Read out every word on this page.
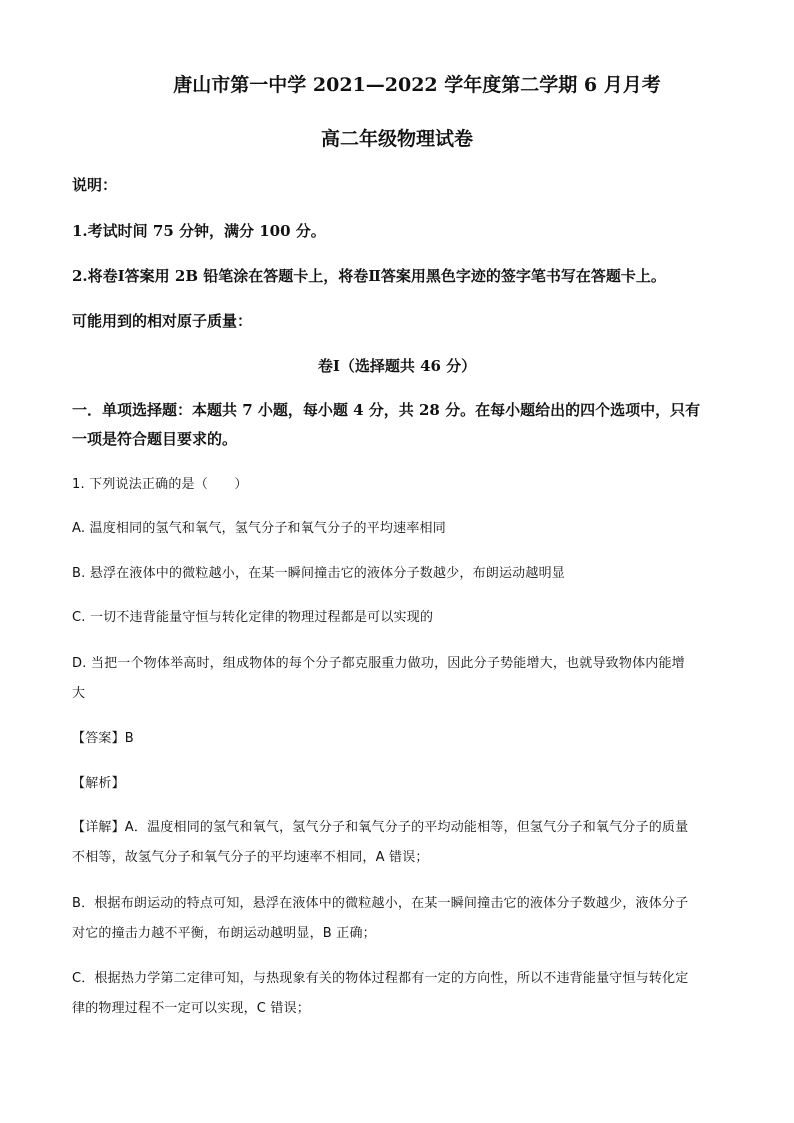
唐山市第一中学 2021—2022 学年度第二学期 6 月月考
高二年级物理试卷
说明：
1.考试时间 75 分钟，满分 100 分。
2.将卷Ⅰ答案用 2B 铅笔涂在答题卡上，将卷Ⅱ答案用黑色字迹的签字笔书写在答题卡上。
可能用到的相对原子质量：
卷Ⅰ（选择题共 46 分）
一．单项选择题：本题共 7 小题，每小题 4 分，共 28 分。在每小题给出的四个选项中，只有
一项是符合题目要求的。
1. 下列说法正确的是（　　）
A. 温度相同的氢气和氧气，氢气分子和氧气分子的平均速率相同
B. 悬浮在液体中的微粒越小，在某一瞬间撞击它的液体分子数越少，布朗运动越明显
C. 一切不违背能量守恒与转化定律的物理过程都是可以实现的
D. 当把一个物体举高时，组成物体的每个分子都克服重力做功，因此分子势能增大，也就导致物体内能增
大
【答案】B
【解析】
【详解】A．温度相同的氢气和氧气，氢气分子和氧气分子的平均动能相等，但氢气分子和氧气分子的质量
不相等，故氢气分子和氧气分子的平均速率不相同，A 错误；
B．根据布朗运动的特点可知，悬浮在液体中的微粒越小，在某一瞬间撞击它的液体分子数越少，液体分子
对它的撞击力越不平衡，布朗运动越明显，B 正确；
C．根据热力学第二定律可知，与热现象有关的物体过程都有一定的方向性，所以不违背能量守恒与转化定
律的物理过程不一定可以实现，C 错误；
